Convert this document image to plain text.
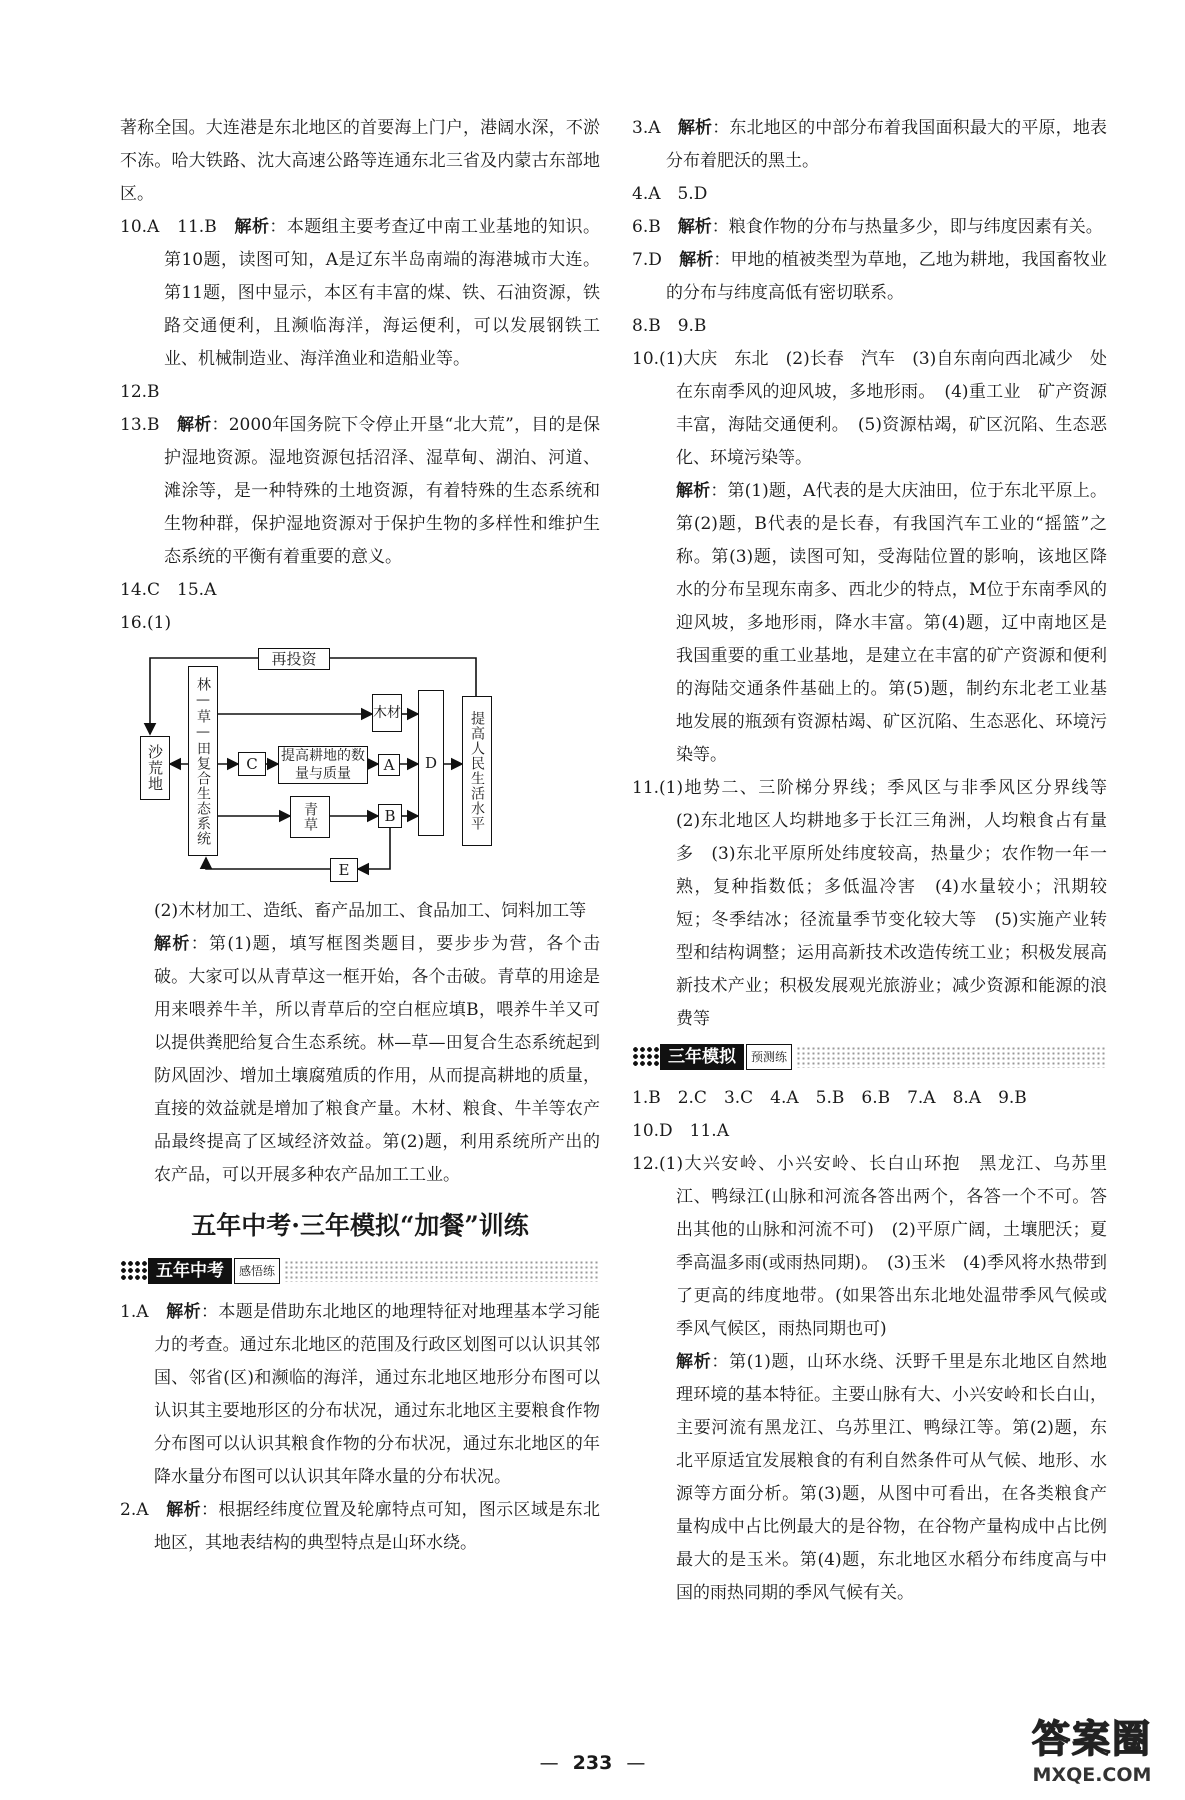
著称全国。大连港是东北地区的首要海上门户，港阔水深，不淤不冻。哈大铁路、沈大高速公路等连通东北三省及内蒙古东部地区。

10.A　11.B　 解析：本题组主要考查辽中南工业基地的知识。第10题，读图可知，A是辽东半岛南端的海港城市大连。第11题，图中显示，本区有丰富的煤、铁、石油资源，铁路交通便利，且濒临海洋，海运便利，可以发展钢铁工业、机械制造业、海洋渔业和造船业等。

12.B

13.B　 解析：2000年国务院下令停止开垦“北大荒”，目的是保护湿地资源。湿地资源包括沼泽、湿草甸、湖泊、河道、滩涂等，是一种特殊的土地资源，有着特殊的生态系统和生物种群，保护湿地资源对于保护生物的多样性和维护生态系统的平衡有着重要的意义。

14.C　15.A

16.(1)

再投资
沙荒地	林—草—田复合生态系统	木材
C	提高耕地的数量与质量	A	D
青草	B
E
提高人民生活水平

(2)木材加工、造纸、畜产品加工、食品加工、饲料加工等

解析：第(1)题，填写框图类题目，要步步为营，各个击破。大家可以从青草这一框开始，各个击破。青草的用途是用来喂养牛羊，所以青草后的空白框应填B，喂养牛羊又可以提供粪肥给复合生态系统。林—草—田复合生态系统起到防风固沙、增加土壤腐殖质的作用，从而提高耕地的质量，直接的效益就是增加了粮食产量。木材、粮食、牛羊等农产品最终提高了区域经济效益。第(2)题，利用系统所产出的农产品，可以开展多种农产品加工工业。

五年中考·三年模拟“加餐”训练
五年中考	感悟练

1.A　 解析：本题是借助东北地区的地理特征对地理基本学习能力的考查。通过东北地区的范围及行政区划图可以认识其邻国、邻省(区)和濒临的海洋，通过东北地区地形分布图可以认识其主要地形区的分布状况，通过东北地区主要粮食作物分布图可以认识其粮食作物的分布状况，通过东北地区的年降水量分布图可以认识其年降水量的分布状况。

2.A　 解析：根据经纬度位置及轮廓特点可知，图示区域是东北地区，其地表结构的典型特点是山环水绕。

3.A　 解析：东北地区的中部分布着我国面积最大的平原，地表分布着肥沃的黑土。

4.A　5.D

6.B　 解析：粮食作物的分布与热量多少，即与纬度因素有关。

7.D　 解析：甲地的植被类型为草地，乙地为耕地，我国畜牧业的分布与纬度高低有密切联系。

8.B　9.B

10.(1)大庆　东北　(2)长春　汽车　(3)自东南向西北减少　处在东南季风的迎风坡，多地形雨。　(4)重工业　矿产资源丰富，海陆交通便利。　(5)资源枯竭，矿区沉陷、生态恶化、环境污染等。

解析：第(1)题，A代表的是大庆油田，位于东北平原上。第(2)题，B代表的是长春，有我国汽车工业的“摇篮”之称。第(3)题，读图可知，受海陆位置的影响，该地区降水的分布呈现东南多、西北少的特点，M位于东南季风的迎风坡，多地形雨，降水丰富。第(4)题，辽中南地区是我国重要的重工业基地，是建立在丰富的矿产资源和便利的海陆交通条件基础上的。第(5)题，制约东北老工业基地发展的瓶颈有资源枯竭、矿区沉陷、生态恶化、环境污染等。

11.(1)地势二、三阶梯分界线；季风区与非季风区分界线等　(2)东北地区人均耕地多于长江三角洲，人均粮食占有量多　(3)东北平原所处纬度较高，热量少；农作物一年一熟，复种指数低；多低温冷害　(4)水量较小；汛期较短；冬季结冰；径流量季节变化较大等　(5)实施产业转型和结构调整；运用高新技术改造传统工业；积极发展高新技术产业；积极发展观光旅游业；减少资源和能源的浪费等

三年模拟	预测练

1.B　2.C　3.C　4.A　5.B　6.B　7.A　8.A　9.B

10.D　11.A

12.(1)大兴安岭、小兴安岭、长白山环抱　黑龙江、乌苏里江、鸭绿江(山脉和河流各答出两个，各答一个不可。答出其他的山脉和河流不可)　(2)平原广阔，土壤肥沃；夏季高温多雨(或雨热同期)。　(3)玉米　(4)季风将水热带到了更高的纬度地带。(如果答出东北地处温带季风气候或季风气候区，雨热同期也可)

解析：第(1)题，山环水绕、沃野千里是东北地区自然地理环境的基本特征。主要山脉有大、小兴安岭和长白山，主要河流有黑龙江、乌苏里江、鸭绿江等。第(2)题，东北平原适宜发展粮食的有利自然条件可从气候、地形、水源等方面分析。第(3)题，从图中可看出，在各类粮食产量构成中占比例最大的是谷物，在谷物产量构成中占比例最大的是玉米。第(4)题，东北地区水稻分布纬度高与中国的雨热同期的季风气候有关。

— 233 —
答案圈
MXQE.COM
